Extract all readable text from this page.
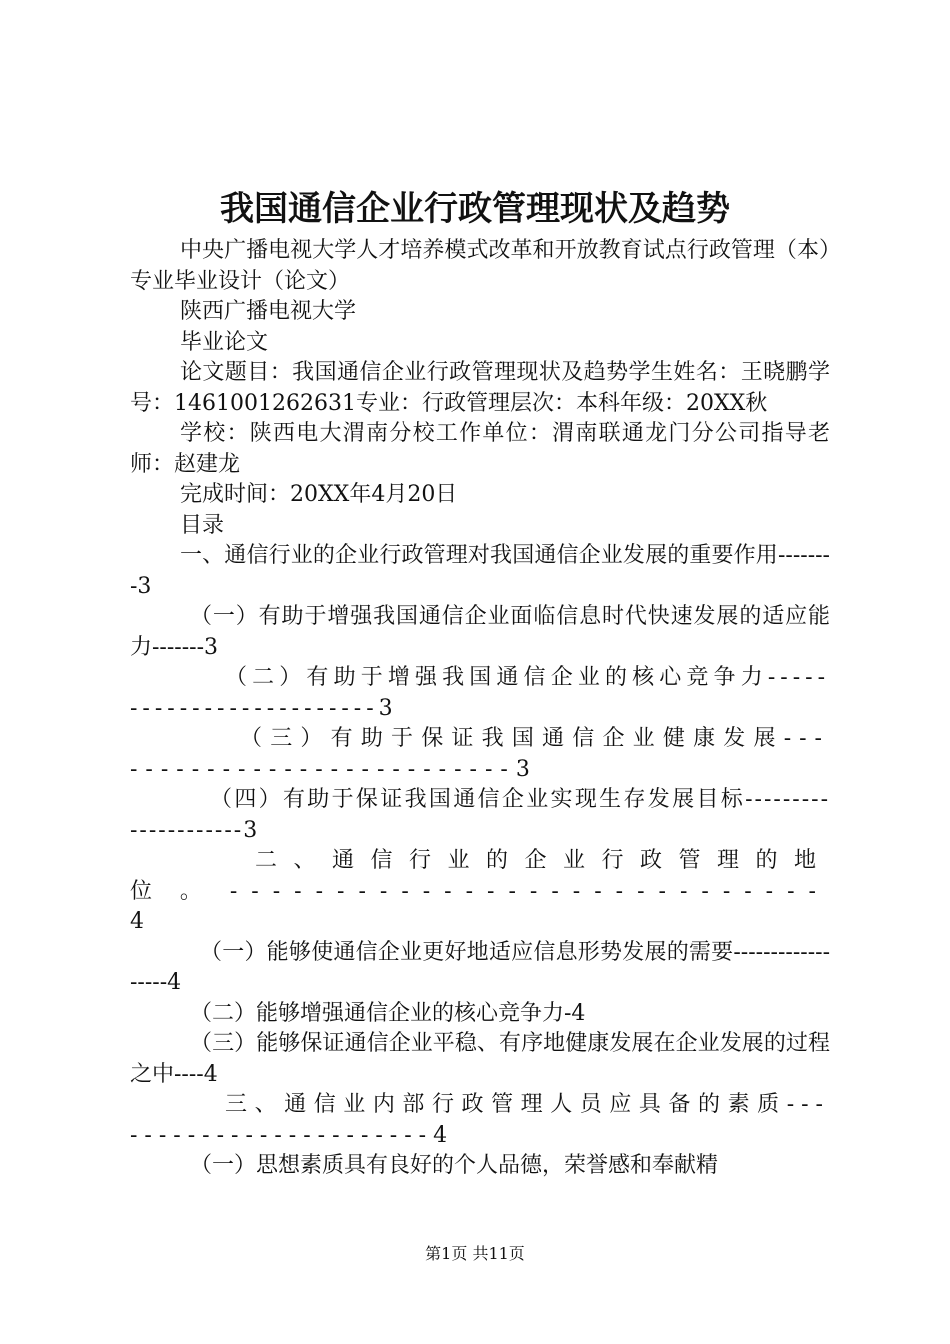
我国通信企业行政管理现状及趋势

中央广播电视大学人才培养模式改革和开放教育试点行政管理（本）专业毕业设计（论文）

陕西广播电视大学

毕业论文

论文题目：我国通信企业行政管理现状及趋势学生姓名：王晓鹏学号：1461001262631专业：行政管理层次：本科年级：20XX秋

学校：陕西电大渭南分校工作单位：渭南联通龙门分公司指导老师：赵建龙

完成时间：20XX年4月20日

目录

一、通信行业的企业行政管理对我国通信企业发展的重要作用--------3

（一）有助于增强我国通信企业面临信息时代快速发展的适应能力-------3

（二）有助于增强我国通信企业的核心竞争力-------------------------3

（三）有助于保证我国通信企业健康发展----------------------------3

（四）有助于保证我国通信企业实现生存发展目标---------------------3

二、通信行业的企业行政管理的地位。----------------------------4

（一）能够使通信企业更好地适应信息形势发展的需要------------------4

（二）能够增强通信企业的核心竞争力-4

（三）能够保证通信企业平稳、有序地健康发展在企业发展的过程之中----4

三、通信业内部行政管理人员应具备的素质------------------------4

（一）思想素质具有良好的个人品德，荣誉感和奉献精

第1页 共11页
